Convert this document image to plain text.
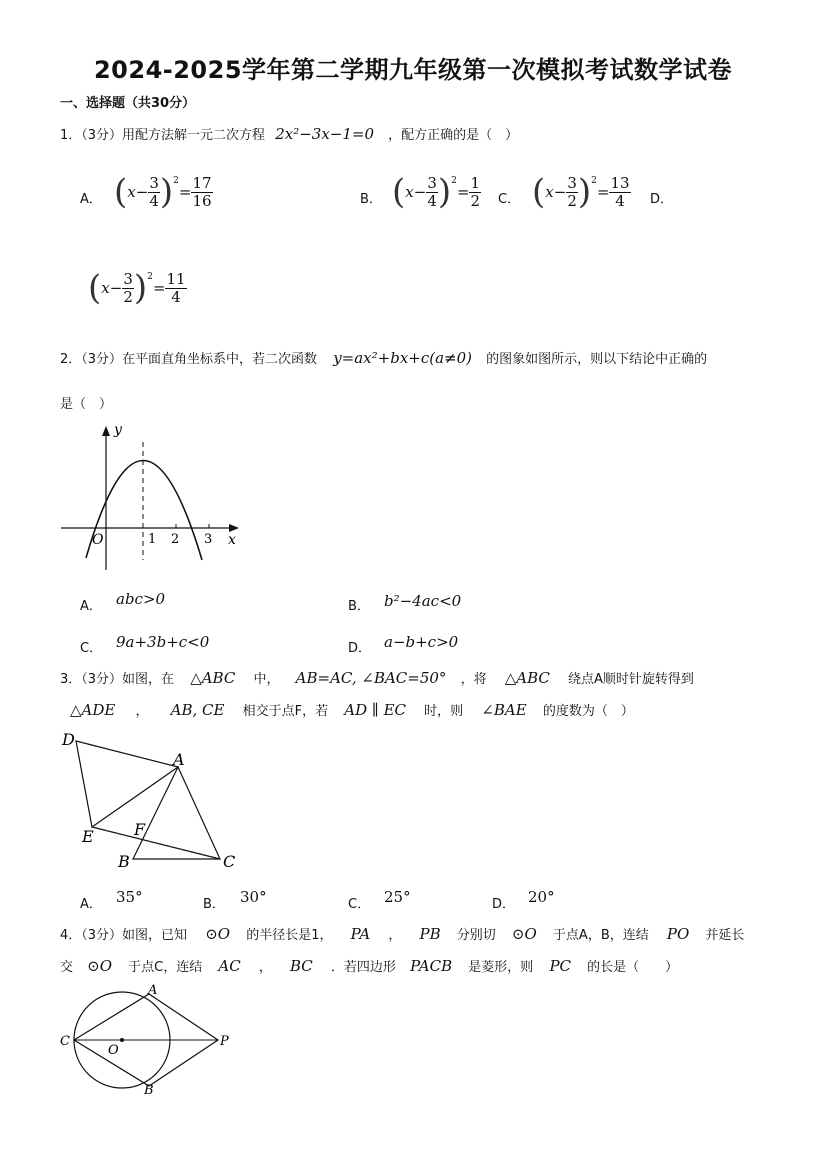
2024-2025学年第二学期九年级第一次模拟考试数学试卷
一、选择题（共30分）
1．（3分）用配方法解一元二次方程 2x²−3x−1=0 ，配方正确的是（　）
A． ( $x - \frac{3}{4} )^2$
= $\frac{17}{16}$	B． ( $x - \frac{3}{4} )^2$
= $\frac{1}{2}$ C． ( $x - \frac{3}{2} )^2$
= $\frac{13}{4}$ D．
( $x - \frac{3}{2} )^2$
= $\frac{11}{4}$
2．（3分）在平面直角坐标系中，若二次函数 y=ax²+bx+c(a≠0) 的图象如图所示，则以下结论中正确的
是（　）
y
x
O	1 2 3
A． abc>0	B． b²−4ac<0
C． 9a+3b+c<0	D． a−b+c>0
3．（3分）如图，在 △ABC 中， AB=AC, ∠BAC=50° ，将 △ABC 绕点A顺时针旋转得到
△ADE ， AB, CE 相交于点F，若 AD ∥ EC 时，则 ∠BAE 的度数为（　）
D
A
E	F
B	C
A． 35°	B． 30°	C． 25°	D． 20°
4．（3分）如图，已知 ⊙O 的半径长是1， PA ， PB 分别切 ⊙O 于点A，B，连结 PO 并延长
交 ⊙O 于点C，连结 AC ， BC ．若四边形 PACB 是菱形，则 PC 的长是（　　）
A
B
C
O
P
